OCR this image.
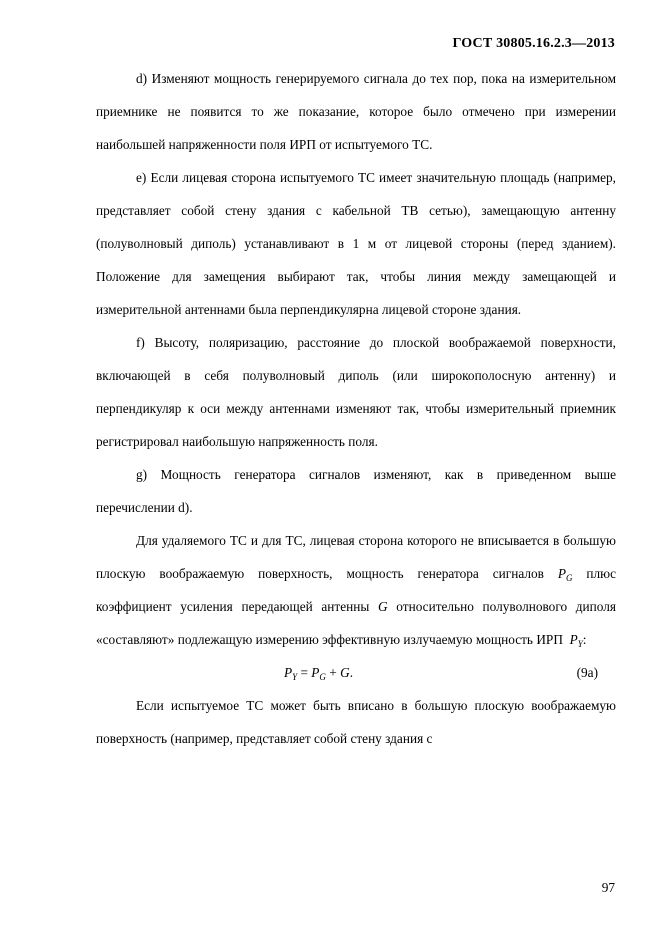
ГОСТ 30805.16.2.3—2013

d) Изменяют мощность генерируемого сигнала до тех пор, пока на измерительном приемнике не появится то же показание, которое было отмечено при измерении наибольшей напряженности поля ИРП от испытуемого ТС.

e) Если лицевая сторона испытуемого ТС имеет значительную площадь (например, представляет собой стену здания с кабельной ТВ сетью), замещающую антенну (полуволновый диполь) устанавливают в 1 м от лицевой стороны (перед зданием). Положение для замещения выбирают так, чтобы линия между замещающей и измерительной антеннами была перпендикулярна лицевой стороне здания.

f) Высоту, поляризацию, расстояние до плоской воображаемой поверхности, включающей в себя полуволновый диполь (или широкополосную антенну) и перпендикуляр к оси между антеннами изменяют так, чтобы измерительный приемник регистрировал наибольшую напряженность поля.

g) Мощность генератора сигналов изменяют, как в приведенном выше перечислении d).

Для удаляемого ТС и для ТС, лицевая сторона которого не вписывается в большую плоскую воображаемую поверхность, мощность генератора сигналов $P_G$ плюс коэффициент усиления передающей антенны G относительно полуволнового диполя «составляют» подлежащую измерению эффективную излучаемую мощность ИРП $P_Y$:

$P_Y = P_G + G$.	(9а)

Если испытуемое ТС может быть вписано в большую плоскую воображаемую поверхность (например, представляет собой стену здания с

97
